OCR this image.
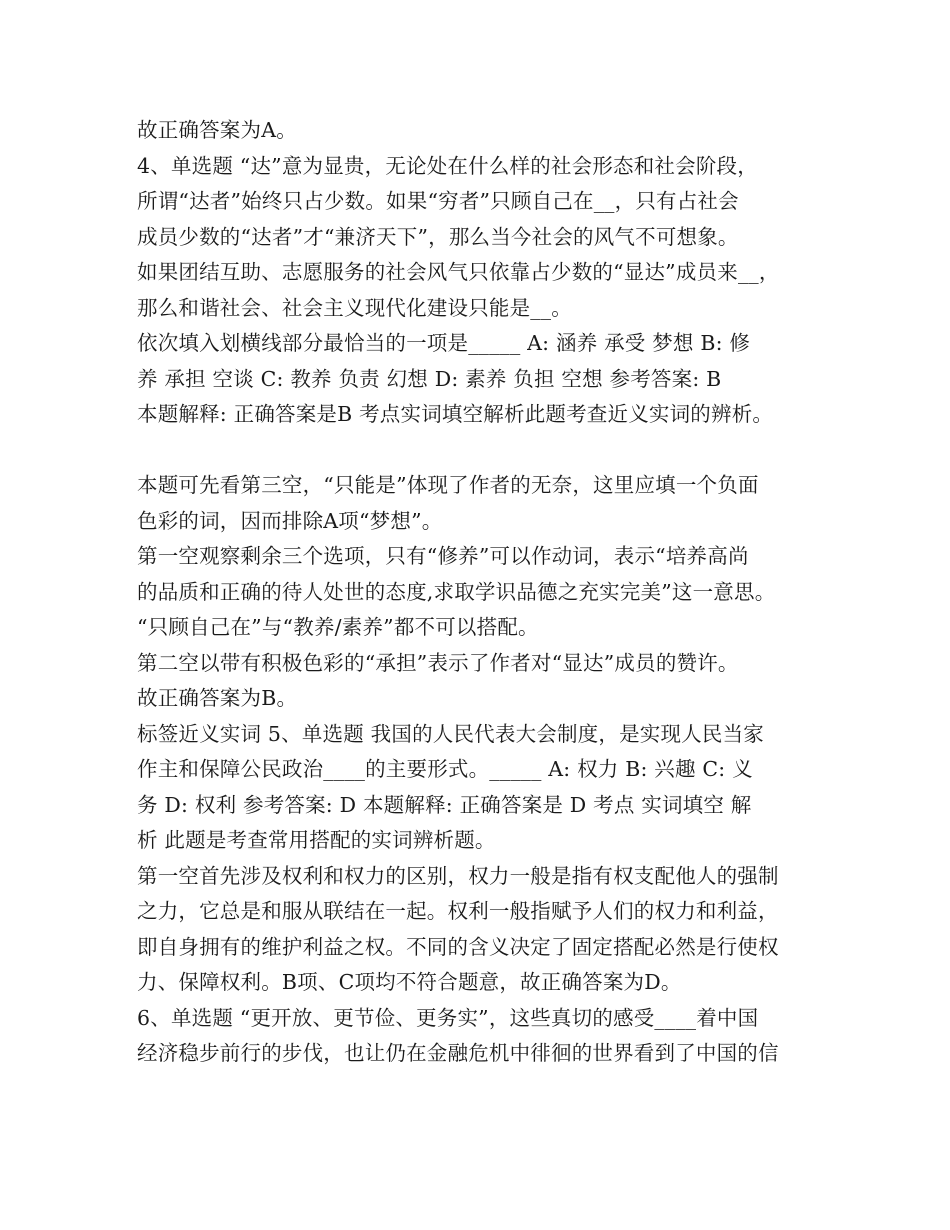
故正确答案为A。
4、单选题 “达”意为显贵，无论处在什么样的社会形态和社会阶段，
所谓“达者”始终只占少数。如果“穷者”只顾自己在__，只有占社会
成员少数的“达者”才“兼济天下”，那么当今社会的风气不可想象。
如果团结互助、志愿服务的社会风气只依靠占少数的“显达”成员来__，
那么和谐社会、社会主义现代化建设只能是__。
依次填入划横线部分最恰当的一项是_____ A: 涵养 承受 梦想 B: 修
养 承担 空谈 C: 教养 负责 幻想 D: 素养 负担 空想 参考答案: B
本题解释: 正确答案是B 考点实词填空解析此题考查近义实词的辨析。
本题可先看第三空，“只能是”体现了作者的无奈，这里应填一个负面
色彩的词，因而排除A项“梦想”。
第一空观察剩余三个选项，只有“修养”可以作动词，表示“培养高尚
的品质和正确的待人处世的态度,求取学识品德之充实完美”这一意思。
“只顾自己在”与“教养/素养”都不可以搭配。
第二空以带有积极色彩的“承担”表示了作者对“显达”成员的赞许。
故正确答案为B。
标签近义实词 5、单选题 我国的人民代表大会制度，是实现人民当家
作主和保障公民政治____的主要形式。_____ A: 权力 B: 兴趣 C: 义
务 D: 权利 参考答案: D 本题解释: 正确答案是 D 考点 实词填空 解
析 此题是考查常用搭配的实词辨析题。
第一空首先涉及权利和权力的区别，权力一般是指有权支配他人的强制
之力，它总是和服从联结在一起。权利一般指赋予人们的权力和利益，
即自身拥有的维护利益之权。不同的含义决定了固定搭配必然是行使权
力、保障权利。B项、C项均不符合题意，故正确答案为D。
6、单选题 “更开放、更节俭、更务实”，这些真切的感受____着中国
经济稳步前行的步伐，也让仍在金融危机中徘徊的世界看到了中国的信
